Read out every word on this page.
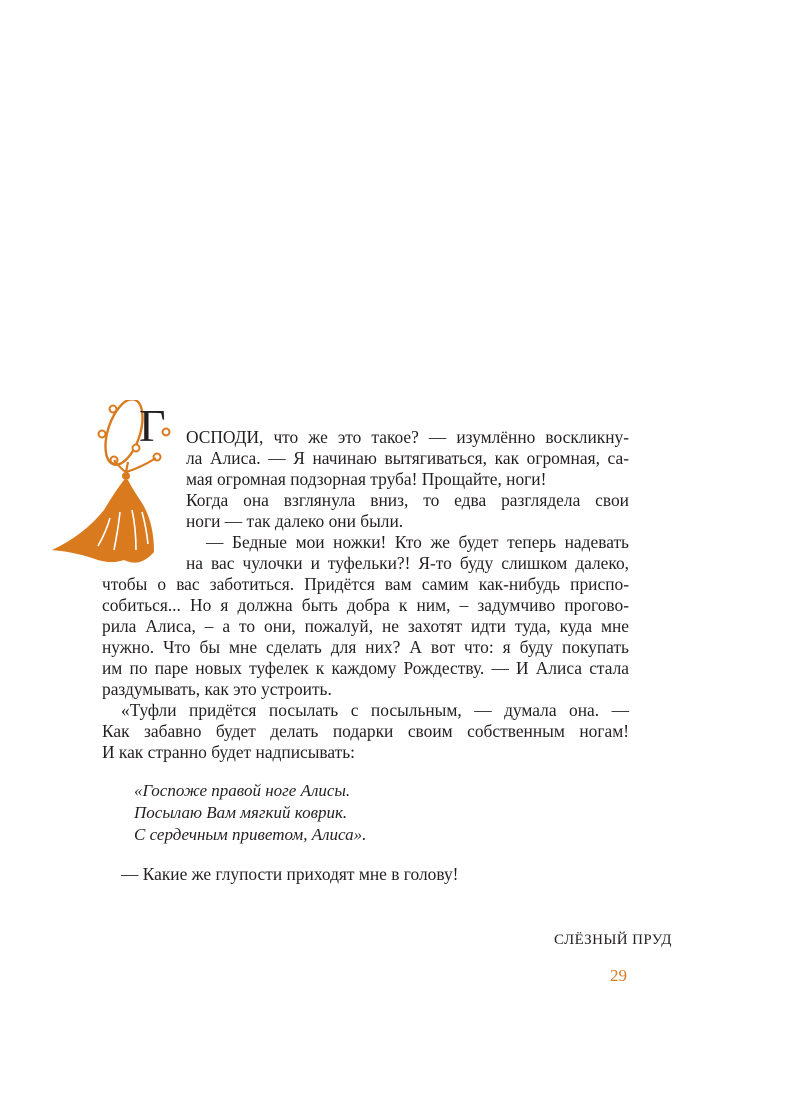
Г ОСПОДИ, что же это такое? — изумлённо воскликну-
ла Алиса. — Я начинаю вытягиваться, как огромная, са-
мая огромная подзорная труба! Прощайте, ноги!
Когда она взглянула вниз, то едва разглядела свои
ноги — так далеко они были.
— Бедные мои ножки! Кто же будет теперь надевать
на вас чулочки и туфельки?! Я-то буду слишком далеко,
чтобы о вас заботиться. Придётся вам самим как-нибудь приспо-
собиться... Но я должна быть добра к ним, – задумчиво прогово-
рила Алиса, – а то они, пожалуй, не захотят идти туда, куда мне
нужно. Что бы мне сделать для них? А вот что: я буду покупать
им по паре новых туфелек к каждому Рождеству. — И Алиса стала
раздумывать, как это устроить.
«Туфли придётся посылать с посыльным, — думала она. —
Как забавно будет делать подарки своим собственным ногам!
И как странно будет надписывать:
«Госпоже правой ноге Алисы.
Посылаю Вам мягкий коврик.
С сердечным приветом, Алиса».
— Какие же глупости приходят мне в голову!
СЛЁЗНЫЙ ПРУД
29
